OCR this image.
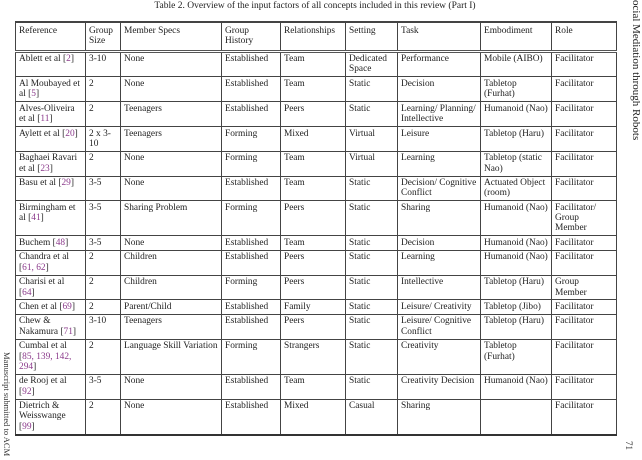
Table 2. Overview of the input factors of all concepts included in this review (Part I)	ocial Mediation through Robots
Manuscript submitted to ACM	71
Reference	Group Size	Member Specs	Group History	Relationships	Setting	Task	Embodiment	Role
Ablett et al [2]	3-10	None	Established	Team	Dedicated Space	Performance	Mobile (AIBO)	Facilitator
Al Moubayed et al [5]	2	None	Established	Team	Static	Decision	Tabletop (Furhat)	Facilitator
Alves-Oliveira et al [11]	2	Teenagers	Established	Peers	Static	Learning/ Planning/ Intellective	Humanoid (Nao)	Facilitator
Aylett et al [20]	2 x 3-10	Teenagers	Forming	Mixed	Virtual	Leisure	Tabletop (Haru)	Facilitator
Baghaei Ravari et al [23]	2	None	Forming	Team	Virtual	Learning	Tabletop (static Nao)	Facilitator
Basu et al [29]	3-5	None	Established	Team	Static	Decision/ Cognitive Conflict	Actuated Object (room)	Facilitator
Birmingham et al [41]	3-5	Sharing Problem	Forming	Peers	Static	Sharing	Humanoid (Nao)	Facilitator/ Group Member
Buchem [48]	3-5	None	Established	Team	Static	Decision	Humanoid (Nao)	Facilitator
Chandra et al [61, 62]	2	Children	Established	Peers	Static	Learning	Humanoid (Nao)	Facilitator
Charisi et al [64]	2	Children	Forming	Peers	Static	Intellective	Tabletop (Haru)	Group Member
Chen et al [69]	2	Parent/Child	Established	Family	Static	Leisure/ Creativity	Tabletop (Jibo)	Facilitator
Chew & Nakamura [71]	3-10	Teenagers	Established	Peers	Static	Leisure/ Cognitive Conflict	Tabletop (Haru)	Facilitator
Cumbal et al [85, 139, 142, 294]	2	Language Skill Variation	Forming	Strangers	Static	Creativity	Tabletop (Furhat)	Facilitator
de Rooj et al [92]	3-5	None	Established	Team	Static	Creativity Decision	Humanoid (Nao)	Facilitator
Dietrich & Weisswange [99]	2	None	Established	Mixed	Casual	Sharing		Facilitator
